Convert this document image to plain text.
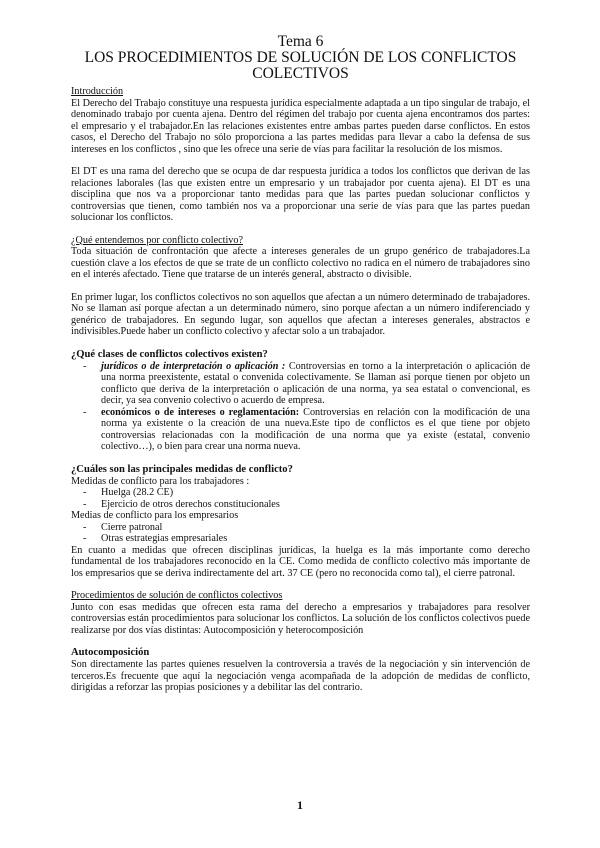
Tema 6
LOS PROCEDIMIENTOS DE SOLUCIÓN DE LOS CONFLICTOS
COLECTIVOS

Introducción

El Derecho del Trabajo constituye una respuesta jurídica especialmente adaptada a un tipo singular de trabajo, el denominado trabajo por cuenta ajena. Dentro del régimen del trabajo por cuenta ajena encontramos dos partes: el empresario y el trabajador.En las relaciones existentes entre ambas partes pueden darse conflictos. En estos casos, el Derecho del Trabajo no sólo proporciona a las partes medidas para llevar a cabo la defensa de sus intereses en los conflictos , sino que les ofrece una serie de vías para facilitar la resolución de los mismos.

El DT es una rama del derecho que se ocupa de dar respuesta jurídica a todos los conflictos que derivan de las relaciones laborales (las que existen entre un empresario y un trabajador por cuenta ajena). El DT es una disciplina que nos va a proporcionar tanto medidas para que las partes puedan solucionar conflictos y controversias que tienen, como también nos va a proporcionar una serie de vías para que las partes puedan solucionar los conflictos.

¿Qué entendemos por conflicto colectivo?

Toda situación de confrontación que afecte a intereses generales de un grupo genérico de trabajadores.La cuestión clave a los efectos de que se trate de un conflicto colectivo no radica en el número de trabajadores sino en el interés afectado. Tiene que tratarse de un interés general, abstracto o divisible.

En primer lugar, los conflictos colectivos no son aquellos que afectan a un número determinado de trabajadores. No se llaman así porque afectan a un determinado número, sino porque afectan a un número indiferenciado y genérico de trabajadores. En segundo lugar, son aquellos que afectan a intereses generales, abstractos e indivisibles.Puede haber un conflicto colectivo y afectar solo a un trabajador.

¿Qué clases de conflictos colectivos existen?

- jurídicos o de interpretación o aplicación : Controversias en torno a la interpretación o aplicación de una norma preexistente, estatal o convenida colectivamente. Se llaman así porque tienen por objeto un conflicto que deriva de la interpretación o aplicación de una norma, ya sea estatal o convencional, es decir, ya sea convenio colectivo o acuerdo de empresa.
- económicos o de intereses o reglamentación: Controversias en relación con la modificación de una norma ya existente o la creación de una nueva.Este tipo de conflictos es el que tiene por objeto controversias relacionadas con la modificación de una norma que ya existe (estatal, convenio colectivo…), o bien para crear una norma nueva.

¿Cuáles son las principales medidas de conflicto?

Medidas de conflicto para los trabajadores :

- Huelga (28.2 CE)
- Ejercicio de otros derechos constitucionales

Medias de conflicto para los empresarios

- Cierre patronal
- Otras estrategias empresariales

En cuanto a medidas que ofrecen disciplinas jurídicas, la huelga es la más importante como derecho fundamental de los trabajadores reconocido en la CE. Como medida de conflicto colectivo más importante de los empresarios que se deriva indirectamente del art. 37 CE (pero no reconocida como tal), el cierre patronal.

Procedimientos de solución de conflictos colectivos

Junto con esas medidas que ofrecen esta rama del derecho a empresarios y trabajadores para resolver controversias están procedimientos para solucionar los conflictos. La solución de los conflictos colectivos puede realizarse por dos vías distintas: Autocomposición y heterocomposición

Autocomposición

Son directamente las partes quienes resuelven la controversia a través de la negociación y sin intervención de terceros.Es frecuente que aquí la negociación venga acompañada de la adopción de medidas de conflicto, dirigidas a reforzar las propias posiciones y a debilitar las del contrario.

1
